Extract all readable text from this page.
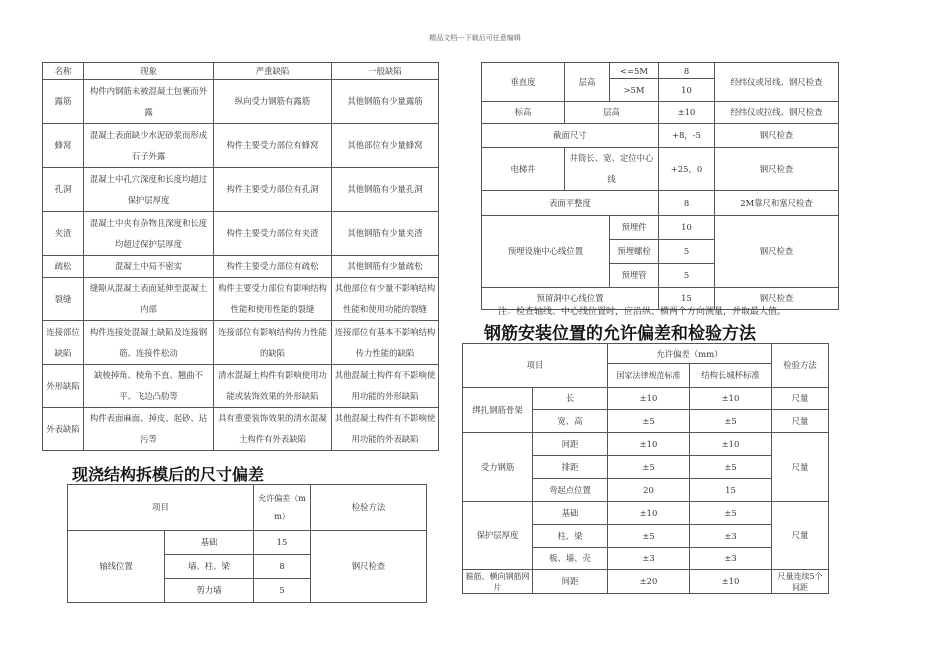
精品文档---下载后可任意编辑
名称	现象	严重缺陷	一般缺陷
露筋	构件内钢筋未被混凝土包裹而外露	纵向受力钢筋有露筋	其他钢筋有少量露筋
蜂窝	混凝土表面缺少水泥砂浆而形成石子外露	构件主要受力部位有蜂窝	其他部位有少量蜂窝
孔洞	混凝土中孔穴深度和长度均超过保护层厚度	构件主要受力部位有孔洞	其他钢筋有少量孔洞
夹渣	混凝土中夹有杂物且深度和长度均超过保护层厚度	构件主要受力部位有夹渣	其他钢筋有少量夹渣
疏松	混凝土中局不密实	构件主要受力部位有疏松	其他钢筋有少量疏松
裂缝	缝隙从混凝土表面延伸至混凝土内部	构件主要受力部位有影响结构性能和使用性能的裂缝	其他部位有少量不影响结构性能和使用功能的裂缝
连接部位缺陷	构件连接处混凝土缺陷及连接钢筋、连接件松动	连接部位有影响结构传力性能的缺陷	连接部位有基本不影响结构传力性能的缺陷
外形缺陷	缺棱掉角、棱角不直、翘曲不平、飞边凸肋等	清水混凝土构件有影响使用功能或装饰效果的外形缺陷	其他混凝土构件有不影响使用功能的外形缺陷
外表缺陷	构件表面麻面、掉皮、起砂、玷污等	具有重要装饰效果的清水混凝土构件有外表缺陷	其他混凝土构件有不影响使用功能的外表缺陷
现浇结构拆模后的尺寸偏差
项目		允许偏差（mm）	检验方法
轴线位置	基础	15	钢尺检查
	墙、柱、梁	8	
	剪力墙	5	
垂直度	层高	<=5M	8	经纬仪或吊线、钢尺检查
		>5M	10	
标高	层高		±10	经纬仪或拉线、钢尺检查
截面尺寸			+8，-5	钢尺检查
电梯井	井筒长、宽、定位中心线		+25，0	钢尺检查
表面平整度			8	2M靠尺和塞尺检查
预埋设施中心线位置		预埋件	10	钢尺检查
		预埋螺栓	5	
		预埋管	5	
预留洞中心线位置			15	钢尺检查
注：检查轴线、中心线位置时，应沿纵、横两个方向测量，并取最大值。
钢筋安装位置的允许偏差和检验方法
项目		允许偏差（mm）		检验方法
		国家法律规范标准	结构长城杯标准	
绑扎钢筋骨架	长	±10	±10	尺量
	宽、高	±5	±5	尺量
受力钢筋	间距	±10	±10	尺量
	排距	±5	±5	
	弯起点位置	20	15	
保护层厚度	基础	±10	±5	尺量
	柱、梁	±5	±3	
	板、墙、壳	±3	±3	
箍筋、横向钢筋网片	间距	±20	±10	尺量连续5个间距
